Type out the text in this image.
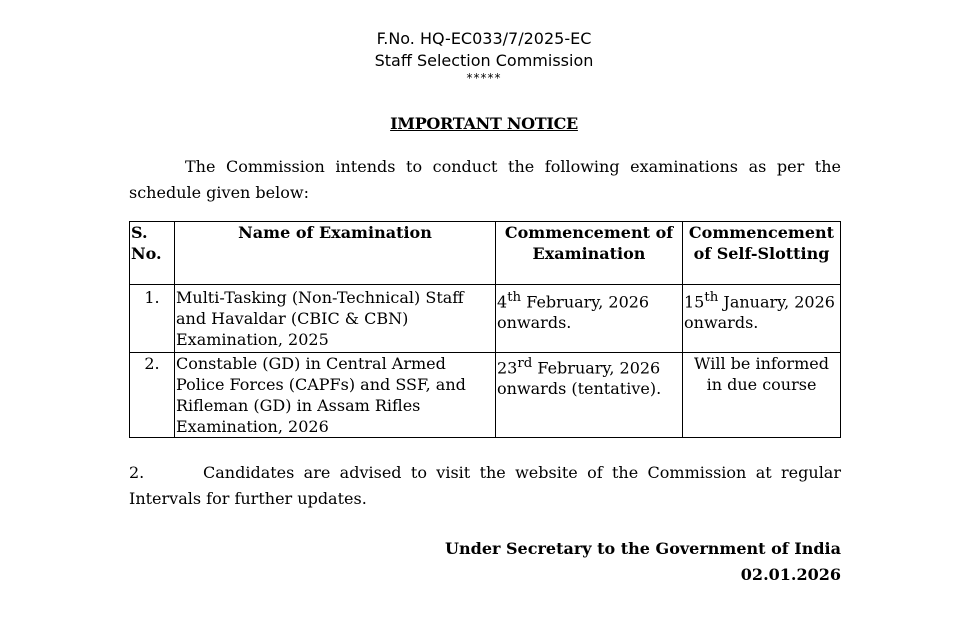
F.No. HQ-EC033/7/2025-EC
Staff Selection Commission
*****
IMPORTANT NOTICE
The Commission intends to conduct the following examinations as per the schedule given below:
S. No.	Name of Examination	Commencement of Examination	Commencement of Self-Slotting
1.	Multi-Tasking (Non-Technical) Staff and Havaldar (CBIC & CBN) Examination, 2025	4th February, 2026 onwards.	15th January, 2026 onwards.
2.	Constable (GD) in Central Armed Police Forces (CAPFs) and SSF, and Rifleman (GD) in Assam Rifles Examination, 2026	23rd February, 2026 onwards (tentative).	Will be informed in due course
2.	Candidates are advised to visit the website of the Commission at regular Intervals for further updates.
Under Secretary to the Government of India
02.01.2026
